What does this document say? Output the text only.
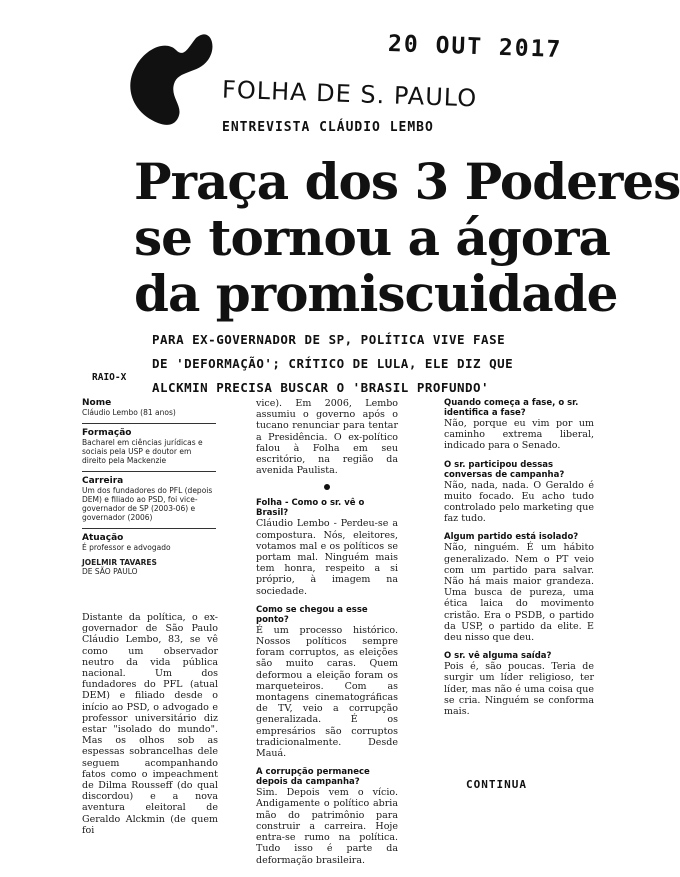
20 OUT 2017
FOLHA DE S. PAULO
ENTREVISTA CLÁUDIO LEMBO
Praça dos 3 Poderes
se tornou a ágora
da promiscuidade
PARA EX-GOVERNADOR DE SP, POLÍTICA VIVE FASE
DE 'DEFORMAÇÃO'; CRÍTICO DE LULA, ELE DIZ QUE
ALCKMIN PRECISA BUSCAR O 'BRASIL PROFUNDO'
RAIO-X
Nome
Cláudio Lembo (81 anos)
Formação
Bacharel em ciências jurídicas e sociais pela USP e doutor em direito pela Mackenzie
Carreira
Um dos fundadores do PFL (depois DEM) e filiado ao PSD, foi vice-governador de SP (2003-06) e governador (2006)
Atuação
É professor e advogado
JOELMIR TAVARES
DE SÃO PAULO
Distante da política, o ex-governador de São Paulo Cláudio Lembo, 83, se vê como um observador neutro da vida pública nacional. Um dos fundadores do PFL (atual DEM) e filiado desde o início ao PSD, o advogado e professor universitário diz estar "isolado do mundo". Mas os olhos sob as espessas sobrancelhas dele seguem acompanhando fatos como o impeachment de Dilma Rousseff (do qual discordou) e a nova aventura eleitoral de Geraldo Alckmin (de quem foi
vice). Em 2006, Lembo assumiu o governo após o tucano renunciar para tentar a Presidência. O ex-político falou à Folha em seu escritório, na região da avenida Paulista.
Folha - Como o sr. vê o Brasil?
Cláudio Lembo - Perdeu-se a compostura. Nós, eleitores, votamos mal e os políticos se portam mal. Ninguém mais tem honra, respeito a si próprio, à imagem na sociedade.
Como se chegou a esse ponto?
É um processo histórico. Nossos políticos sempre foram corruptos, as eleições são muito caras. Quem deformou a eleição foram os marqueteiros. Com as montagens cinematográficas de TV, veio a corrupção generalizada. É os empresários são corruptos tradicionalmente. Desde Mauá.
A corrupção permanece depois da campanha?
Sim. Depois vem o vício. Andigamente o político abria mão do patrimônio para construir a carreira. Hoje entra-se rumo na política. Tudo isso é parte da deformação brasileira.
Quando começa a fase, o sr. identifica a fase?
Não, porque eu vim por um caminho extrema liberal, indicado para o Senado.
O sr. participou dessas conversas de campanha?
Não, nada, nada. O Geraldo é muito focado. Eu acho tudo controlado pelo marketing que faz tudo.
Algum partido está isolado?
Não, ninguém. É um hábito generalizado. Nem o PT veio com um partido para salvar. Não há mais maior grandeza. Uma busca de pureza, uma ética laica do movimento cristão. Era o PSDB, o partido da USP, o partido da elite. E deu nisso que deu.
O sr. vê alguma saída?
Pois é, são poucas. Teria de surgir um líder religioso, ter líder, mas não é uma coisa que se cria. Ninguém se conforma mais.
CONTINUA
